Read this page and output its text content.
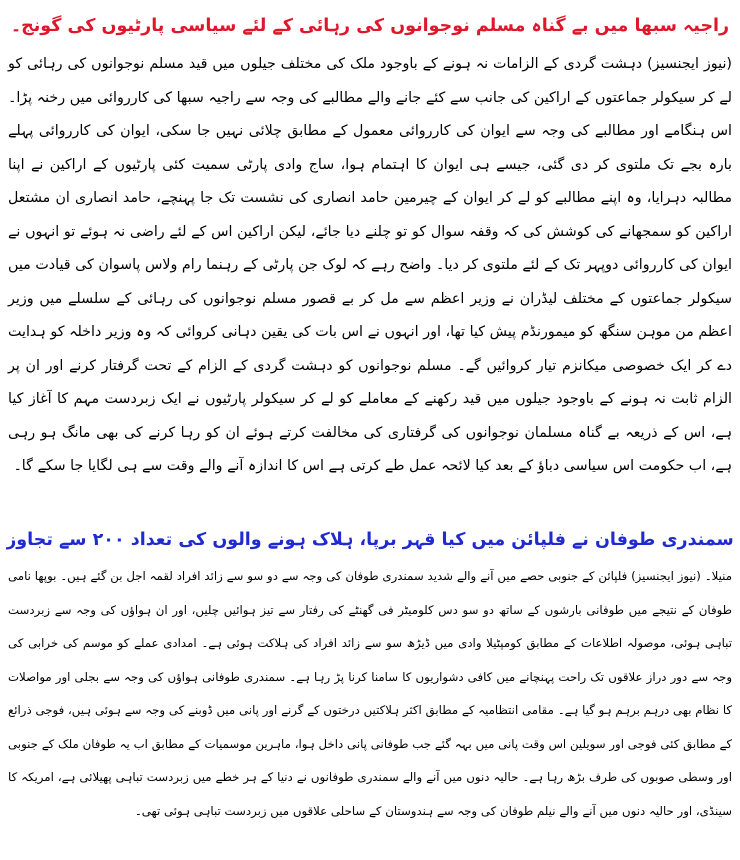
راجیہ سبھا میں بے گناہ مسلم نوجوانوں کی رہائی کے لئے سیاسی پارٹیوں کی گونج۔

(نیوز ایجنسیز) دہشت گردی کے الزامات نہ ہونے کے باوجود ملک کی مختلف جیلوں میں قید مسلم نوجوانوں کی رہائی کو لے کر سیکولر جماعتوں کے اراکین کی جانب سے کئے جانے والے مطالبے کی وجہ سے راجیہ سبھا کی کارروائی میں رخنہ پڑا۔ اس ہنگامے اور مطالبے کی وجہ سے ایوان کی کارروائی معمول کے مطابق چلائی نہیں جا سکی، ایوان کی کارروائی پہلے بارہ بجے تک ملتوی کر دی گئی، جیسے ہی ایوان کا اہتمام ہوا، ساج وادی پارٹی سمیت کئی پارٹیوں کے اراکین نے اپنا مطالبہ دہرایا، وہ اپنے مطالبے کو لے کر ایوان کے چیرمین حامد انصاری کی نشست تک جا پہنچے، حامد انصاری ان مشتعل اراکین کو سمجھانے کی کوشش کی کہ وقفہ سوال کو تو چلنے دیا جائے، لیکن اراکین اس کے لئے راضی نہ ہوئے تو انہوں نے ایوان کی کارروائی دوپہر تک کے لئے ملتوی کر دیا۔ واضح رہے کہ لوک جن پارٹی کے رہنما رام ولاس پاسوان کی قیادت میں سیکولر جماعتوں کے مختلف لیڈران نے وزیر اعظم سے مل کر بے قصور مسلم نوجوانوں کی رہائی کے سلسلے میں وزیر اعظم من موہن سنگھ کو میمورنڈم پیش کیا تھا، اور انہوں نے اس بات کی یقین دہانی کروائی کہ وہ وزیر داخلہ کو ہدایت دے کر ایک خصوصی میکانزم تیار کروائیں گے۔ مسلم نوجوانوں کو دہشت گردی کے الزام کے تحت گرفتار کرنے اور ان پر الزام ثابت نہ ہونے کے باوجود جیلوں میں قید رکھنے کے معاملے کو لے کر سیکولر پارٹیوں نے ایک زبردست مہم کا آغاز کیا ہے، اس کے ذریعہ بے گناہ مسلمان نوجوانوں کی گرفتاری کی مخالفت کرتے ہوئے ان کو رہا کرنے کی بھی مانگ ہو رہی ہے، اب حکومت اس سیاسی دباؤ کے بعد کیا لائحہ عمل طے کرتی ہے اس کا اندازہ آنے والے وقت سے ہی لگایا جا سکے گا۔

سمندری طوفان نے فلپائن میں کیا قہر برپا، ہلاک ہونے والوں کی تعداد ۲۰۰ سے تجاوز

منیلا۔ (نیوز ایجنسیز) فلپائن کے جنوبی حصے میں آنے والے شدید سمندری طوفان کی وجہ سے دو سو سے زائد افراد لقمہ اجل بن گئے ہیں۔ بوپھا نامی طوفان کے نتیجے میں طوفانی بارشوں کے ساتھ دو سو دس کلومیٹر فی گھنٹے کی رفتار سے تیز ہوائیں چلیں، اور ان ہواؤں کی وجہ سے زبردست تباہی ہوئی، موصولہ اطلاعات کے مطابق کومپٹیلا وادی میں ڈیڑھ سو سے زائد افراد کی ہلاکت ہوئی ہے۔ امدادی عملے کو موسم کی خرابی کی وجہ سے دور دراز علاقوں تک راحت پہنچانے میں کافی دشواریوں کا سامنا کرنا پڑ رہا ہے۔ سمندری طوفانی ہواؤں کی وجہ سے بجلی اور مواصلات کا نظام بھی درہم برہم ہو گیا ہے۔ مقامی انتظامیہ کے مطابق اکثر ہلاکتیں درختوں کے گرنے اور پانی میں ڈوبنے کی وجہ سے ہوئی ہیں، فوجی ذرائع کے مطابق کئی فوجی اور سویلین اس وقت پانی میں بہہ گئے جب طوفانی پانی داخل ہوا، ماہرین موسمیات کے مطابق اب یہ طوفان ملک کے جنوبی اور وسطی صوبوں کی طرف بڑھ رہا ہے۔ حالیہ دنوں میں آنے والے سمندری طوفانوں نے دنیا کے ہر خطے میں زبردست تباہی پھیلائی ہے، امریکہ کا سینڈی، اور حالیہ دنوں میں آنے والے نیلم طوفان کی وجہ سے ہندوستان کے ساحلی علاقوں میں زبردست تباہی ہوئی تھی۔
